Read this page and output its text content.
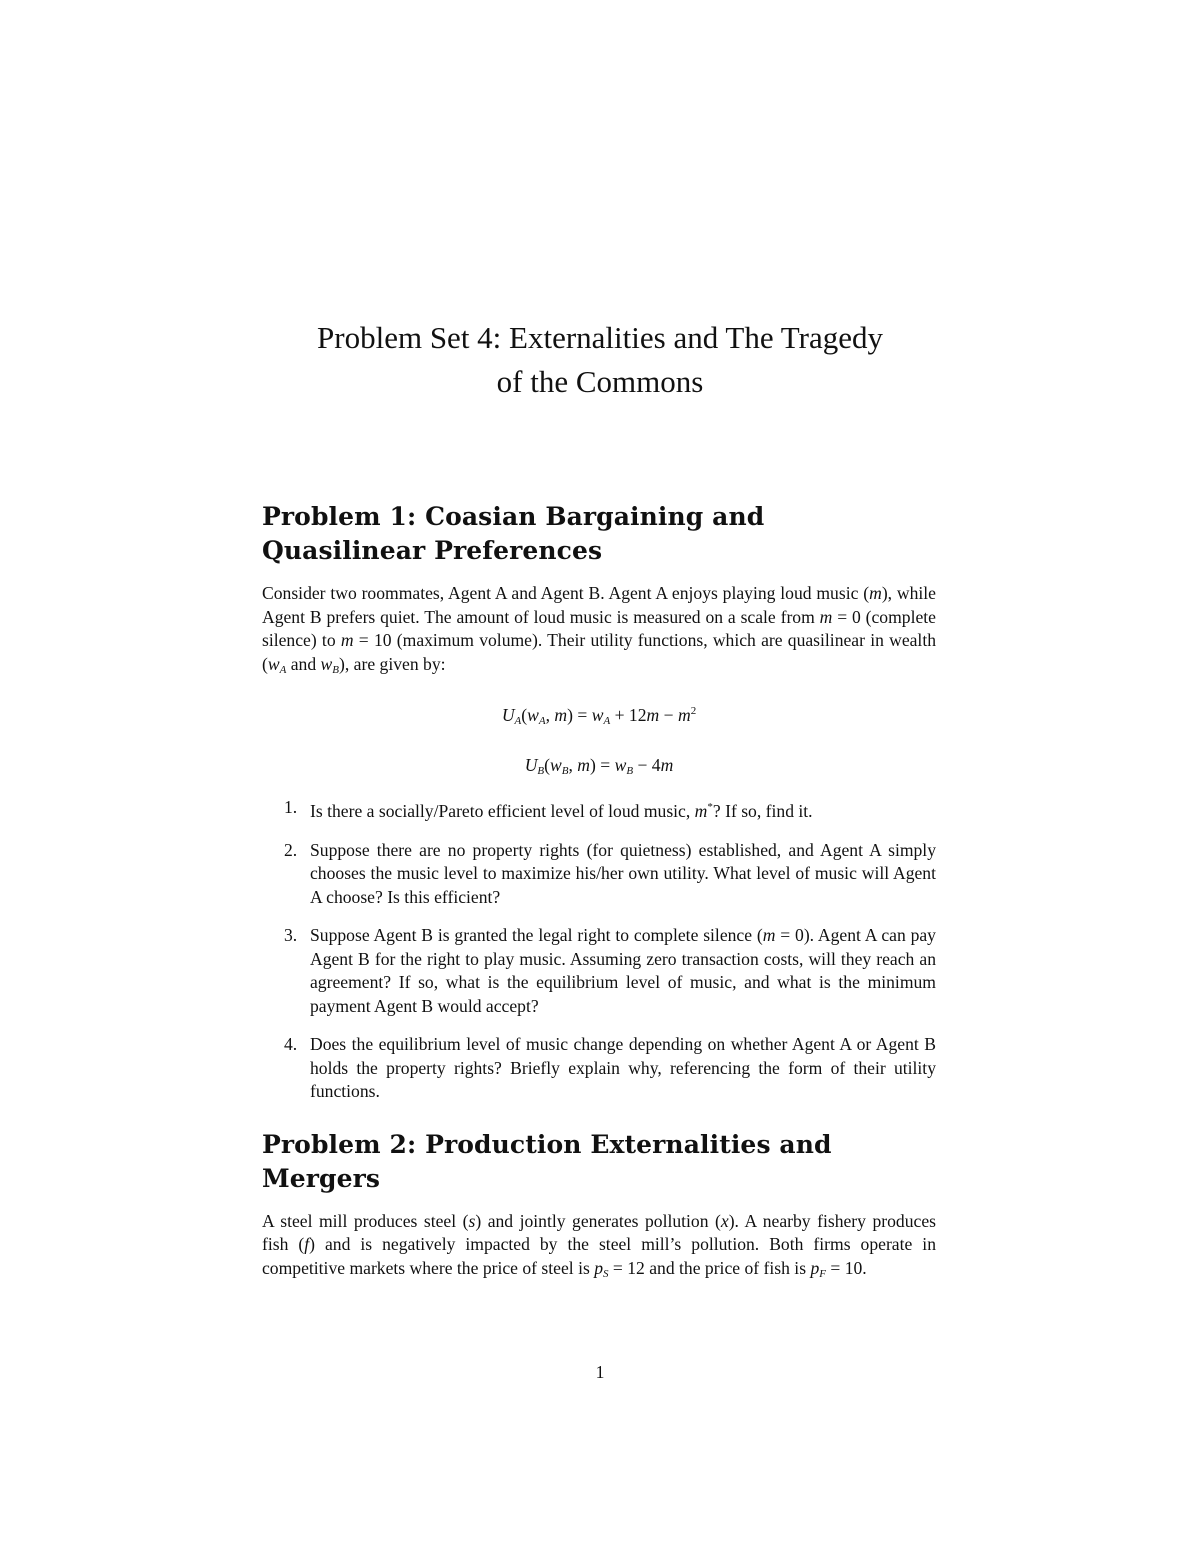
Problem Set 4: Externalities and The Tragedy
of the Commons
Problem 1: Coasian Bargaining and Quasilinear Preferences

Consider two roommates, Agent A and Agent B. Agent A enjoys playing loud music (m), while Agent B prefers quiet. The amount of loud music is measured on a scale from m = 0 (complete silence) to m = 10 (maximum volume). Their utility functions, which are quasilinear in wealth ($w_A$ and $w_B$), are given by:

$U_A(w_A$, $m) = w_A + 12m - m^2$
$U_B(w_B$, $m) = w_B - 4m$
1. Is there a socially/Pareto efficient level of loud music, m*? If so, find it.
2. Suppose there are no property rights (for quietness) established, and Agent A simply chooses the music level to maximize his/her own utility. What level of music will Agent A choose? Is this efficient?
3. Suppose Agent B is granted the legal right to complete silence (m = 0). Agent A can pay Agent B for the right to play music. Assuming zero transaction costs, will they reach an agreement? If so, what is the equilibrium level of music, and what is the minimum payment Agent B would accept?
4. Does the equilibrium level of music change depending on whether Agent A or Agent B holds the property rights? Briefly explain why, referencing the form of their utility functions.
Problem 2: Production Externalities and Mergers

A steel mill produces steel (s) and jointly generates pollution (x). A nearby fishery produces fish (f) and is negatively impacted by the steel mill’s pollution. Both firms operate in competitive markets where the price of steel is $p_S = 12$ and the price of fish is $p_F = 10$.

1
